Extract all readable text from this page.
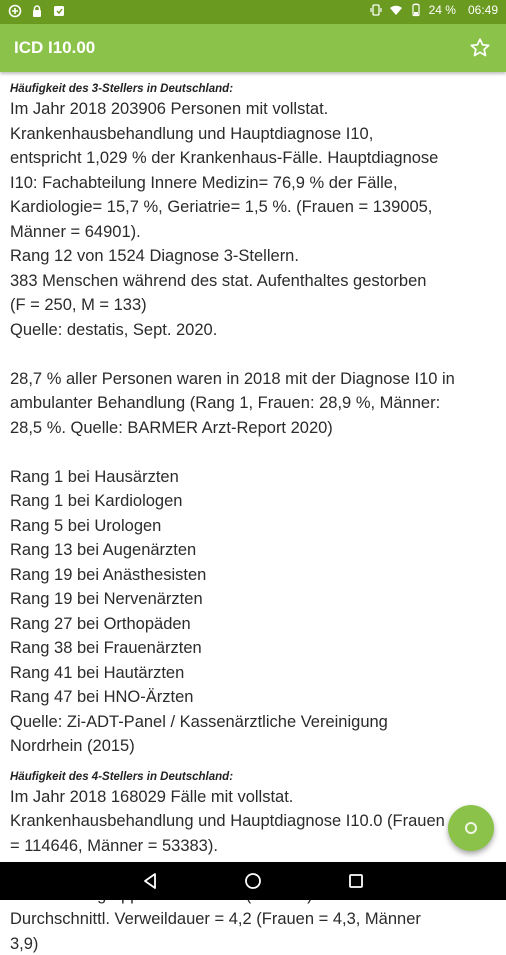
24 % 06:49
ICD I10.00
Häufigkeit des 3-Stellers in Deutschland:
Im Jahr 2018 203906 Personen mit vollstat.
Krankenhausbehandlung und Hauptdiagnose I10,
entspricht 1,029 % der Krankenhaus-Fälle. Hauptdiagnose
I10: Fachabteilung Innere Medizin= 76,9 % der Fälle,
Kardiologie= 15,7 %, Geriatrie= 1,5 %. (Frauen = 139005,
Männer = 64901).
Rang 12 von 1524 Diagnose 3-Stellern.
383 Menschen während des stat. Aufenthaltes gestorben
(F = 250, M = 133)
Quelle: destatis, Sept. 2020.
28,7 % aller Personen waren in 2018 mit der Diagnose I10 in
ambulanter Behandlung (Rang 1, Frauen: 28,9 %, Männer:
28,5 %. Quelle: BARMER Arzt-Report 2020)
Rang 1 bei Hausärzten
Rang 1 bei Kardiologen
Rang 5 bei Urologen
Rang 13 bei Augenärzten
Rang 19 bei Anästhesisten
Rang 19 bei Nervenärzten
Rang 27 bei Orthopäden
Rang 38 bei Frauenärzten
Rang 41 bei Hautärzten
Rang 47 bei HNO-Ärzten
Quelle: Zi-ADT-Panel / Kassenärztliche Vereinigung
Nordrhein (2015)
Häufigkeit des 4-Stellers in Deutschland:
Im Jahr 2018 168029 Fälle mit vollstat.
Krankenhausbehandlung und Hauptdiagnose I10.0 (Frauen
= 114646, Männer = 53383).
Durchschnittl. Verweildauer = 4,2 (Frauen = 4,3, Männer
3,9)
